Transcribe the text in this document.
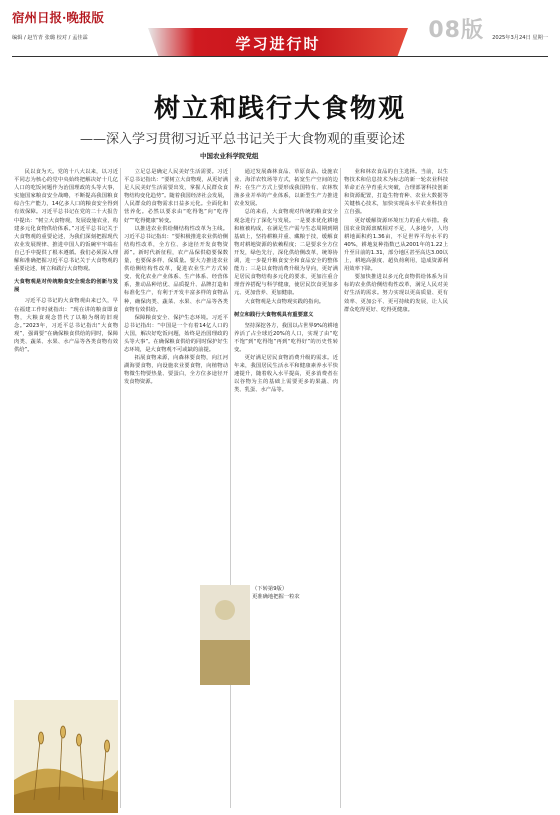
宿州日报·晚报版
08版
编辑 / 赵竹青 张璐 校对 / 孟佳霖	2025年3月24日 星期一
学习进行时
树立和践行大食物观
——深入学习贯彻习近平总书记关于大食物观的重要论述
中国农业科学院党组

民以食为天。党的十八大以来，以习近平同志为核心的党中央始终把解决好十几亿人口的吃饭问题作为治国理政的头等大事，实施国家粮食安全战略，不断提高我国粮食综合生产能力，14亿多人口的粮食安全得到有效保障。习近平总书记在党的二十大报告中提出：“树立大食物观，发展设施农业，构建多元化食物供给体系。”习近平总书记关于大食物观的重要论述，为我们深刻把握现代农业发展规律、推进中国人的饭碗牢牢端在自己手中提供了根本遵循。我们必须深入理解和准确把握习近平总书记关于大食物观的重要论述，树立和践行大食物观。

大食物观是对传统粮食安全观念的创新与发展

习近平总书记的大食物观由来已久，早在福建工作时就指出：“现在讲的粮食即食物，大粮食观念替代了以粮为纲的旧观念。”2023年，习近平总书记指出“大食物观”，强调要“在确保粮食供给的同时，保障肉类、蔬菜、水果、水产品等各类食物有效供给”。

立足总是确定人民美好生活需要。习近平总书记指出：“要树立大食物观，从更好满足人民美好生活需要出发，掌握人民群众食物结构变化趋势”。随着我国经济社会发展，人民群众的食物需求日益多元化。全面化和营养化。必然以要求由“吃得饱”向“吃得好”“吃得健康”转变。

以推进农业供给侧结构性改革为主线。习近平总书记指出：“要积极推进农业供给侧结构性改革，全方位、多途径开发食物资源”。新时代新征程，农产品保供稳要保数量，也要保多样、保质量。要大力推进农业供给侧结构性改革，促进农业生产方式转变、优化农业产业体系、生产体系、经营体系，推动品种培优、品质提升、品牌打造和标准化生产，有利于开发丰富多样的食物品种，确保肉类、蔬菜、水果、水产品等各类食物有效供给。

保障粮食安全、保护生态环境。习近平总书记指出：“中国是一个有着14亿人口的大国，解决好吃饭问题，始终是治国理政的头等大事”。在确保粮食供给的同时保护好生态环境，是大食物观不可或缺的前提。

拓展食物来源，向森林要食物，向江河湖海要食物，向设施农业要食物，向植物动物微生物要热量、要蛋白，全方位多途径开发食物资源。

通过发展森林食品、草原食品、设施农业、海洋农牧场等方式，拓宽生产空间的边界；在生产方式上要形成我国特有、农林牧渔多业并举的产业体系，以新型生产力推进农业发展。

总的来看，大食物观对传统的粮食安全观念进行了深化与发展。一是要求优化耕地和植被构成，在满足生产需与生态周期到期基础上，坚持耕粮并重、藏粮于技，缓解食物对耕地资源的依赖程度；二是要求全方位开发，绿色先行，深化供给侧改革，统筹协调，进一步提升粮食安全和食品安全的整体能力；三是以食物消费升级为导向，更好满足居民食物结构多元化的要求，更加注重合理营养搭配与科学健康，使居民饮食更加多元、更加营养、更加健康。

大食物观是大食物观实践的指向。

树立和践行大食物观具有重要意义

坚持深挖各方，我国以占世界9%的耕地养活了占全球近20%的人口，实现了由“吃不饱”到“吃得饱”再到“吃得好”的历史性转变。

更好满足居民食物消费升级的需求。近年来，我国居民生活水平和健康素养水平快速提升，随着收入水平提高，更多消费者在以谷物为主的基础上需要更多的果蔬、肉类、乳蛋、水产品等。

业和林农食品的自主选择。当前，以生物技术和信息技术为标志的新一轮农业科技革命正在孕育重大突破，合理部署科技创新和资源配置，打造生物育种、农业大数据等关键核心技术，加快实现高水平农业科技自立自强。

更好缓解资源环境压力的重大举措。我国农业资源禀赋相对不足，人多地少，人均耕地面积约1.36亩，不足世界平均水平的40%，耕地复种指数已从2001年的1.22上升至目前的1.31，部分地区甚至高达3.00以上，耕地高强度、超负荷利用，造成资源利用效率下降。

要加快推进以多元化食物供给体系为目标的农业供给侧结构性改革，满足人民对美好生活的需求。努力实现以更高质量、更有效率、更加公平、更可持续的发展，让人民群众吃得更好、吃得更健康。

（下转第9版）
更准确地把握一粒农
